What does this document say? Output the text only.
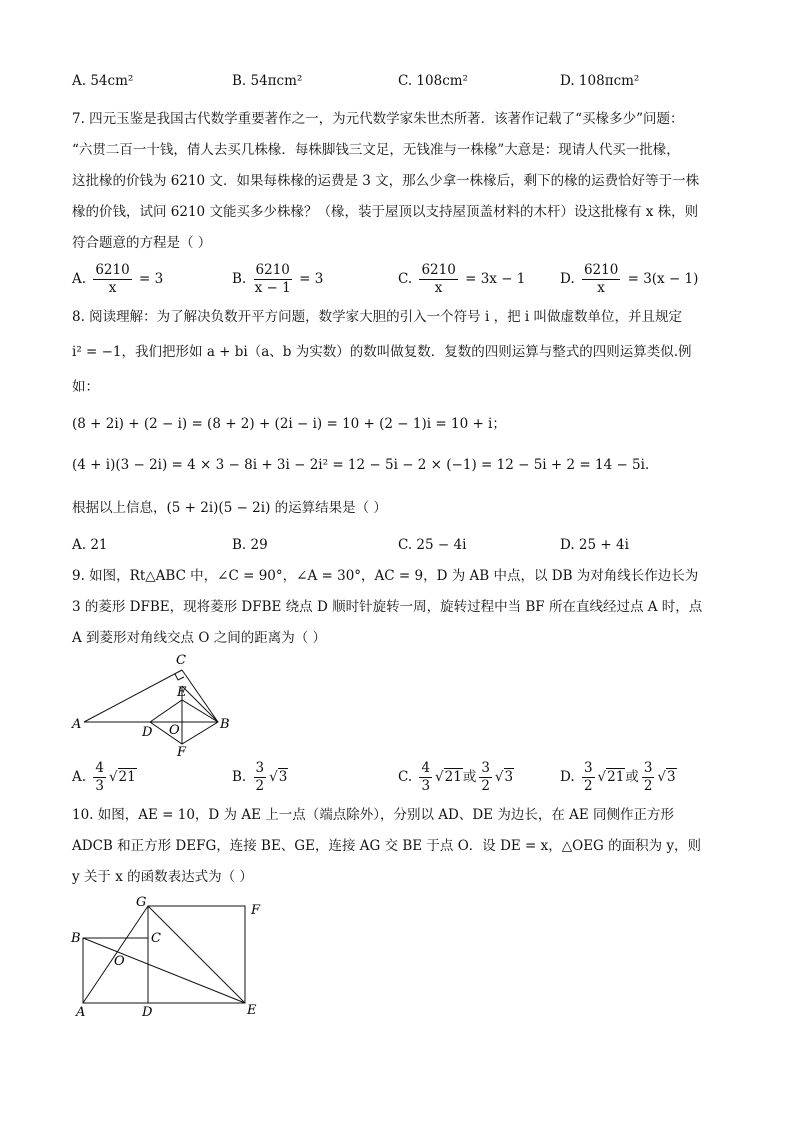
A. 54cm²	B. 54πcm²	C. 108cm²	D. 108πcm²
7. 四元玉鉴是我国古代数学重要著作之一，为元代数学家朱世杰所著．该著作记载了“买椽多少”问题：
“六贯二百一十钱，倩人去买几株椽．每株脚钱三文足，无钱准与一株椽”大意是：现请人代买一批椽，
这批椽的价钱为 6210 文．如果每株椽的运费是 3 文，那么少拿一株椽后，剩下的椽的运费恰好等于一株
椽的价钱，试问 6210 文能买多少株椽？（椽，装于屋顶以支持屋顶盖材料的木杆）设这批椽有 x 株，则
符合题意的方程是（ ）
A. $\frac{6210}{x} = 3$	B. $\frac{6210}{x - 1} = 3$	C. $\frac{6210}{x} = 3x - 1$	D. $\frac{6210}{x} = 3(x - 1)$
8. 阅读理解：为了解决负数开平方问题，数学家大胆的引入一个符号 i ，把 i 叫做虚数单位，并且规定
i² = −1，我们把形如 a + bi（a、b 为实数）的数叫做复数．复数的四则运算与整式的四则运算类似.例
如：
(8 + 2i) + (2 − i) = (8 + 2) + (2i − i) = 10 + (2 − 1)i = 10 + i；
(4 + i)(3 − 2i) = 4 × 3 − 8i + 3i − 2i² = 12 − 5i − 2 × (−1) = 12 − 5i + 2 = 14 − 5i．
根据以上信息，(5 + 2i)(5 − 2i) 的运算结果是（ ）
A. 21	B. 29	C. 25 − 4i	D. 25 + 4i
9. 如图，Rt△ABC 中，∠C = 90°，∠A = 30°，AC = 9，D 为 AB 中点，以 DB 为对角线长作边长为
3 的菱形 DFBE，现将菱形 DFBE 绕点 D 顺时针旋转一周，旋转过程中当 BF 所在直线经过点 A 时，点
A 到菱形对角线交点 O 之间的距离为（ ）
C
E
A
D O	B
F
A. $\frac{4}{3} √21$	B. $\frac{3}{2} √3$	C. $\frac{4}{3} √21$或 $\frac{3}{2} √3$	D. $\frac{3}{2} √21$或 $\frac{3}{2} √3$
10. 如图，AE = 10，D 为 AE 上一点（端点除外），分别以 AD、DE 为边长，在 AE 同侧作正方形
ADCB 和正方形 DEFG，连接 BE、GE，连接 AG 交 BE 于点 O．设 DE = x，△OEG 的面积为 y，则
y 关于 x 的函数表达式为（ ）
G
F
B	C
O
A	D	E
